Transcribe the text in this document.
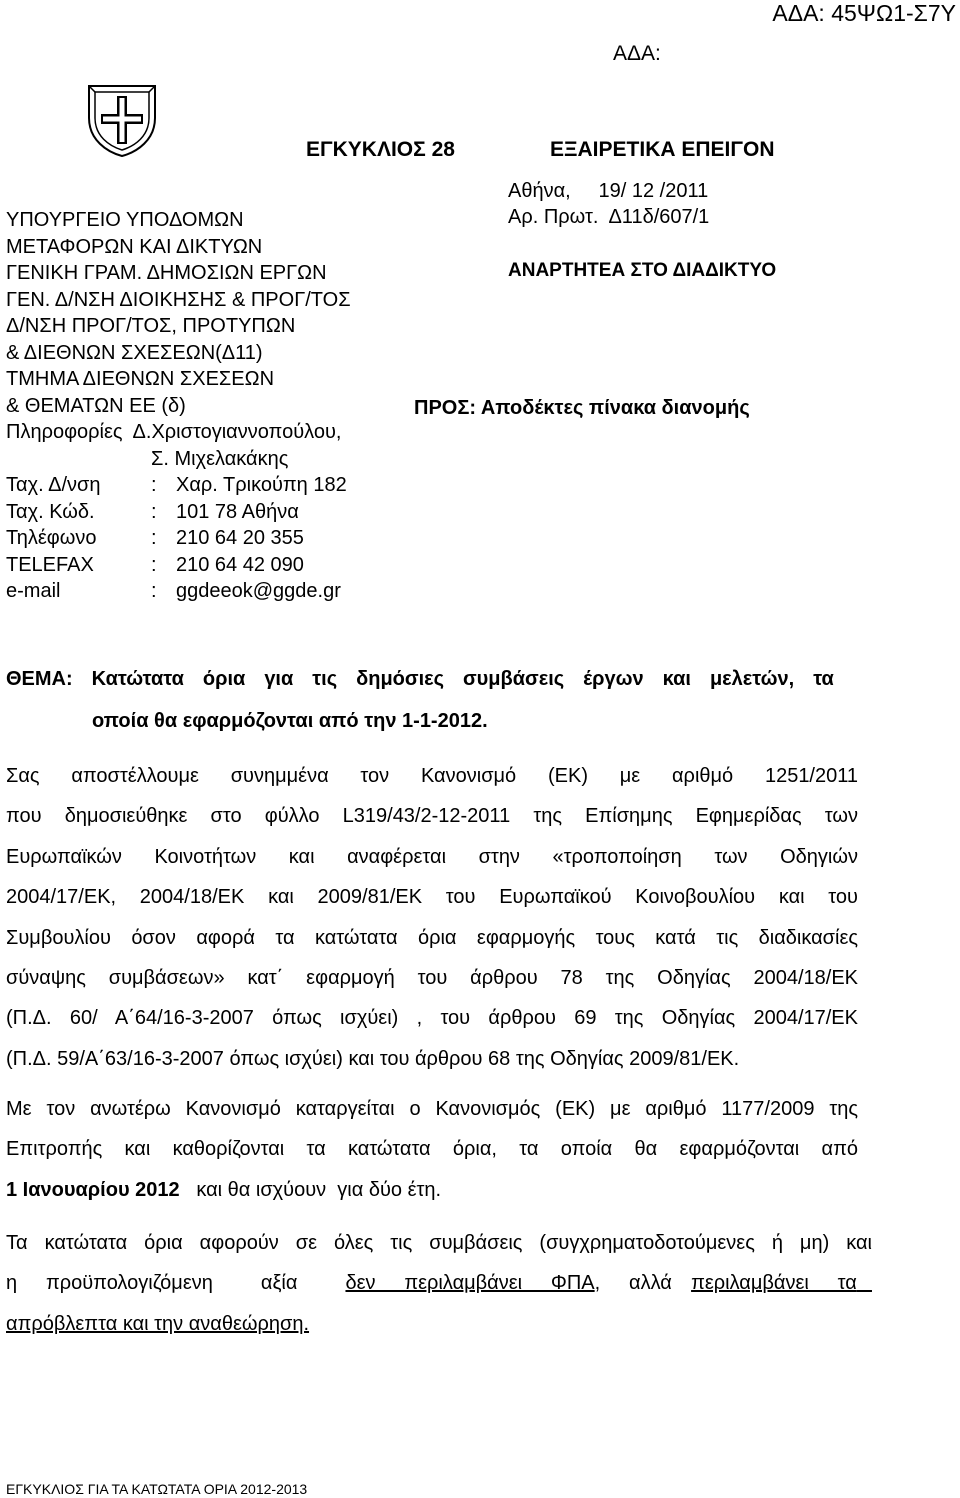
ΑΔΑ: 45ΨΩ1-Σ7Υ
ΑΔΑ:
ΕΓΚΥΚΛΙΟΣ 28	ΕΞΑΙΡΕΤΙΚΑ ΕΠΕΙΓΟΝ
ΥΠΟΥΡΓΕΙΟ ΥΠΟΔΟΜΩΝ
ΜΕΤΑΦΟΡΩΝ ΚΑΙ ΔΙΚΤΥΩΝ
ΓΕΝΙΚΗ ΓΡΑΜ. ΔΗΜΟΣΙΩΝ ΕΡΓΩΝ
ΓΕΝ. Δ/ΝΣΗ ΔΙΟΙΚΗΣΗΣ & ΠΡΟΓ/ΤΟΣ
Δ/ΝΣΗ ΠΡΟΓ/ΤΟΣ, ΠΡΟΤΥΠΩΝ
& ΔΙΕΘΝΩΝ ΣΧΕΣΕΩΝ(Δ11)
ΤΜΗΜΑ ΔΙΕΘΝΩΝ ΣΧΕΣΕΩΝ
& ΘΕΜΑΤΩΝ ΕΕ (δ)
Πληροφορίες  Δ.Χριστογιαννοπούλου,
Σ. Μιχελακάκης
Ταχ. Δ/νση	: Χαρ. Τρικούπη 182
Ταχ. Κώδ.	: 101 78 Αθήνα
Τηλέφωνο	: 210 64 20 355
TELEFAX	: 210 64 42 090
e-mail	: ggdeeok@ggde.gr
Αθήνα,     19/ 12 /2011
Αρ. Πρωτ.  Δ11δ/607/1
ΑΝΑΡΤΗΤΕΑ ΣΤΟ ΔΙΑΔΙΚΤΥΟ
ΠΡΟΣ: Αποδέκτες πίνακα διανομής
ΘΕΜΑ: Κατώτατα όρια για τις δημόσιες συμβάσεις έργων και μελετών, τα
οποία θα εφαρμόζονται από την 1-1-2012.
Σας αποστέλλουμε συνημμένα τον Κανονισμό (ΕΚ) με αριθμό 1251/2011
που δημοσιεύθηκε στο φύλλο L319/43/2-12-2011 της Επίσημης Εφημερίδας των
Ευρωπαϊκών Κοινοτήτων και αναφέρεται στην «τροποποίηση των Οδηγιών
2004/17/ΕΚ, 2004/18/ΕΚ και 2009/81/ΕΚ του Ευρωπαϊκού Κοινοβουλίου και του
Συμβουλίου όσον αφορά τα κατώτατα όρια εφαρμογής τους κατά τις διαδικασίες
σύναψης συμβάσεων» κατ΄ εφαρμογή του άρθρου 78 της Οδηγίας 2004/18/ΕΚ
(Π.Δ. 60/ Α΄64/16-3-2007 όπως ισχύει) , του άρθρου 69 της Οδηγίας 2004/17/ΕΚ
(Π.Δ. 59/Α΄63/16-3-2007 όπως ισχύει) και του άρθρου 68 της Οδηγίας 2009/81/ΕΚ.
Με τον ανωτέρω Κανονισμό καταργείται ο Κανονισμός (ΕΚ) με αριθμό 1177/2009 της
Επιτροπής και καθορίζονται τα κατώτατα όρια, τα οποία θα εφαρμόζονται από
1 Ιανουαρίου 2012   και θα ισχύουν  για δύο έτη.
Τα κατώτατα όρια αφορούν σε όλες τις συμβάσεις (συγχρηματοδοτούμενες ή μη) και
η   προϋπολογιζόμενη     αξία δεν   περιλαμβάνει   ΦΠΑ,   αλλά περιλαμβάνει   τα
απρόβλεπτα και την αναθεώρηση.
ΕΓΚΥΚΛΙΟΣ ΓΙΑ ΤΑ ΚΑΤΩΤΑΤΑ ΟΡΙΑ 2012-2013
